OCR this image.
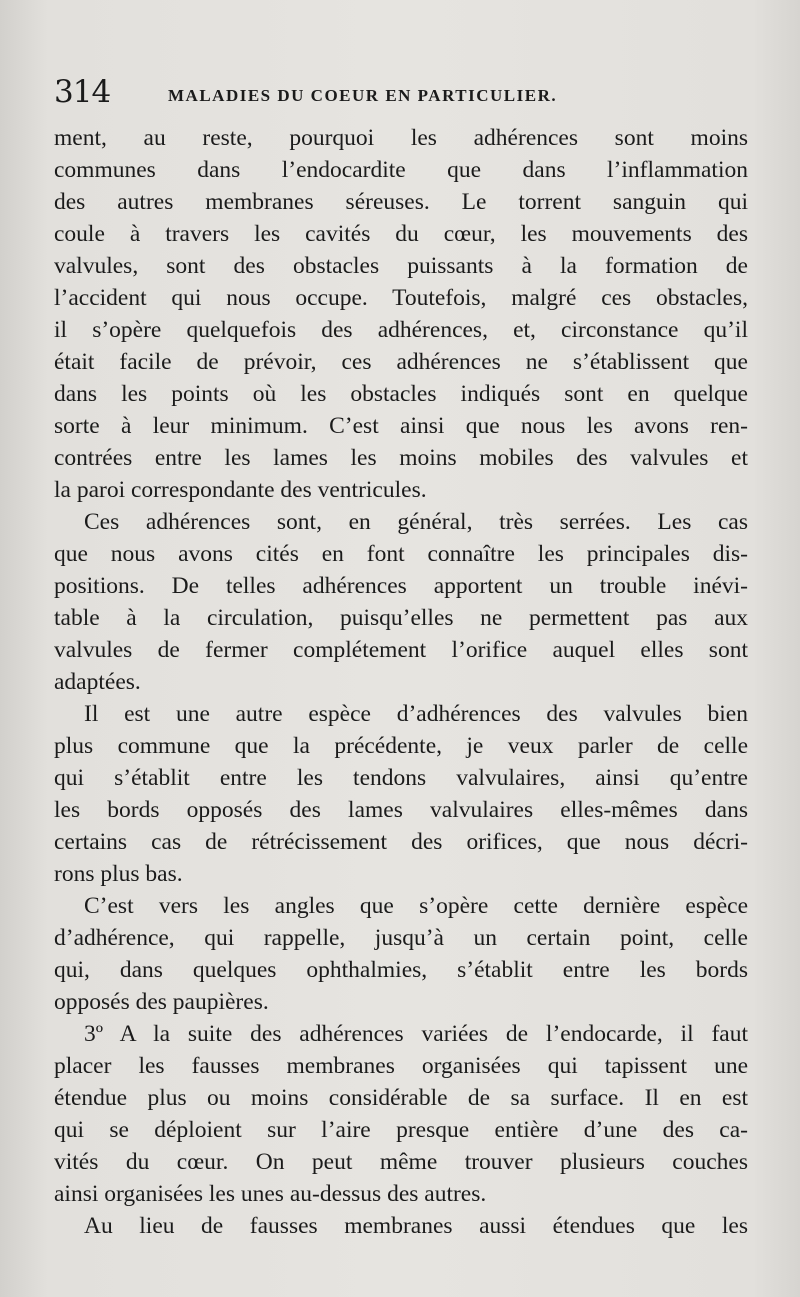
314	MALADIES DU COEUR EN PARTICULIER.
ment, au reste, pourquoi les adhérences sont moins
communes dans l’endocardite que dans l’inflammation
des autres membranes séreuses. Le torrent sanguin qui
coule à travers les cavités du cœur, les mouvements des
valvules, sont des obstacles puissants à la formation de
l’accident qui nous occupe. Toutefois, malgré ces obstacles,
il s’opère quelquefois des adhérences, et, circonstance qu’il
était facile de prévoir, ces adhérences ne s’établissent que
dans les points où les obstacles indiqués sont en quelque
sorte à leur minimum. C’est ainsi que nous les avons ren-
contrées entre les lames les moins mobiles des valvules et
la paroi correspondante des ventricules.
Ces adhérences sont, en général, très serrées. Les cas
que nous avons cités en font connaître les principales dis-
positions. De telles adhérences apportent un trouble inévi-
table à la circulation, puisqu’elles ne permettent pas aux
valvules de fermer complétement l’orifice auquel elles sont
adaptées.
Il est une autre espèce d’adhérences des valvules bien
plus commune que la précédente, je veux parler de celle
qui s’établit entre les tendons valvulaires, ainsi qu’entre
les bords opposés des lames valvulaires elles-mêmes dans
certains cas de rétrécissement des orifices, que nous décri-
rons plus bas.
C’est vers les angles que s’opère cette dernière espèce
d’adhérence, qui rappelle, jusqu’à un certain point, celle
qui, dans quelques ophthalmies, s’établit entre les bords
opposés des paupières.
3º A la suite des adhérences variées de l’endocarde, il faut
placer les fausses membranes organisées qui tapissent une
étendue plus ou moins considérable de sa surface. Il en est
qui se déploient sur l’aire presque entière d’une des ca-
vités du cœur. On peut même trouver plusieurs couches
ainsi organisées les unes au-dessus des autres.
Au lieu de fausses membranes aussi étendues que les
